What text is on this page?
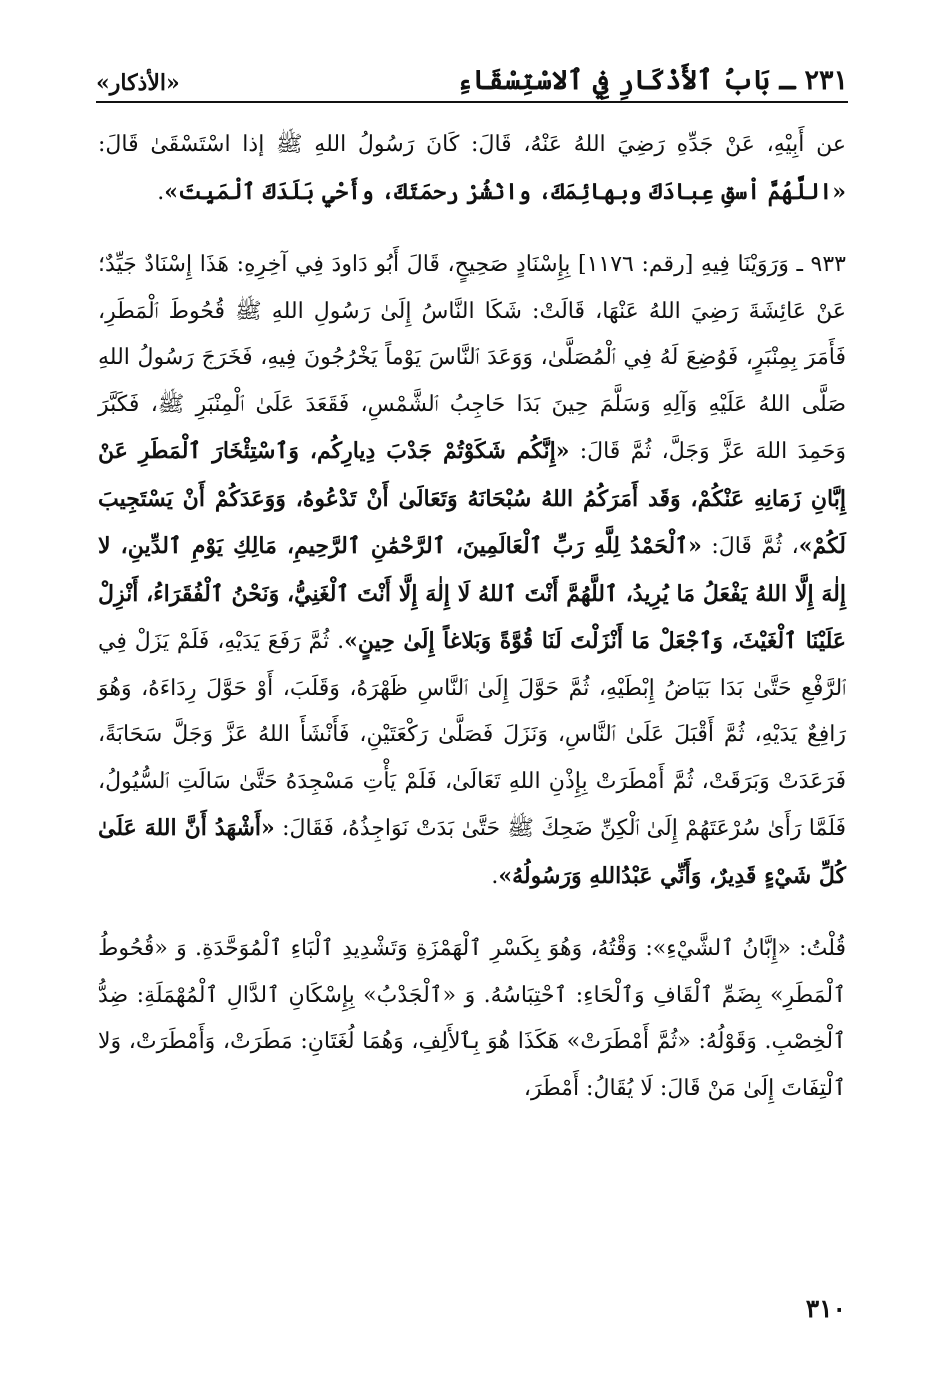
٢٣١ ـ بَابُ ٱلأَذْكَارِ فِي ٱلاسْتِسْقَاءِ
«الأذكار»

عن أَبِيْهِ، عَنْ جَدِّهِ رَضِيَ اللهُ عَنْهُ، قَالَ: كَانَ رَسُولُ اللهِ ﷺ إذا اسْتَسْقَىٰ قَالَ: «اللَّهُمَّ اْسقِ عِبادَكَ وبهائِمَكَ، وانْشُرْ رحمَتَكَ، وأَحْيِ بَلَدَكَ ٱلْمَيِتَ».

٩٣٣ ـ وَرَوَيْنَا فِيهِ [رقم: ١١٧٦] بِإِسْنَادٍ صَحِيحٍ، قَالَ أَبُو دَاودَ فِي آخِرِهِ: هَذَا إِسْنَادٌ جَيِّدٌ؛ عَنْ عَائِشَةَ رَضِيَ اللهُ عَنْهَا، قَالَتْ: شَكَا النَّاسُ إِلَىٰ رَسُولِ اللهِ ﷺ قُحُوطَ ٱلْمَطَرِ، فَأَمَرَ بِمِنْبَرٍ، فَوُضِعَ لَهُ فِي ٱلْمُصَلَّىٰ، وَوَعَدَ ٱلنَّاسَ يَوْماً يَخْرُجُونَ فِيهِ، فَخَرَجَ رَسُولُ اللهِ صَلَّى اللهُ عَلَيْهِ وَآلِهِ وَسَلَّمَ حِينَ بَدَا حَاجِبُ ٱلشَّمْسِ، فَقَعَدَ عَلَىٰ ٱلْمِنْبَرِ ﷺ، فَكَبَّرَ وَحَمِدَ اللهَ عَزَّ وَجَلَّ، ثُمَّ قَالَ: «إِنَّكُم شَكَوْتُمْ جَدْبَ دِيارِكُم، وَٱسْتِئْخَارَ ٱلْمَطَرِ عَنْ إِبَّانِ زَمَانِهِ عَنْكُمْ، وَقَد أَمَرَكُمُ اللهُ سُبْحَانَهُ وَتَعَالَىٰ أَنْ تَدْعُوهُ، وَوَعَدَكُمْ أَنْ يَسْتَجِيبَ لَكُمْ»، ثُمَّ قَالَ: «ٱلْحَمْدُ لِلَّهِ رَبِّ ٱلْعَالَمِينَ، ٱلرَّحْمَٰنِ ٱلرَّحِيمِ، مَالِكِ يَوْمِ ٱلدِّينِ، لا إِلٰهَ إِلَّا اللهُ يَفْعَلُ مَا يُرِيدُ، ٱللَّهُمَّ أَنْتَ ٱللهُ لَا إِلٰهَ إِلَّا أَنْتَ ٱلْغَنِيُّ، وَنَحْنُ ٱلْفُقَرَاءُ، أَنْزِلْ عَلَيْنَا ٱلْغَيْثَ، وَٱجْعَلْ مَا أَنْزَلْتَ لَنَا قُوَّةً وَبَلاغاً إِلَىٰ حِينٍ». ثُمَّ رَفَعَ يَدَيْهِ، فَلَمْ يَزَلْ فِي ٱلرَّفْعِ حَتَّىٰ بَدَا بَيَاضُ إِبْطَيْهِ، ثُمَّ حَوَّلَ إِلَىٰ ٱلنَّاسِ ظَهْرَهُ، وَقَلَبَ، أَوْ حَوَّلَ رِدَاءَهُ، وَهُوَ رَافِعٌ يَدَيْهِ، ثُمَّ أَقْبَلَ عَلَىٰ ٱلنَّاسِ، وَنَزَلَ فَصَلَّىٰ رَكْعَتَيْنِ، فَأَنْشَأَ اللهُ عَزَّ وَجَلَّ سَحَابَةً، فَرَعَدَتْ وَبَرَقَتْ، ثُمَّ أَمْطَرَتْ بِإِذْنِ اللهِ تَعَالَىٰ، فَلَمْ يَأْتِ مَسْجِدَهُ حَتَّىٰ سَالَتِ ٱلسُّيُولُ، فَلَمَّا رَأَىٰ سُرْعَتَهُمْ إِلَىٰ ٱلْكِنِّ ضَحِكَ ﷺ حَتَّىٰ بَدَتْ نَوَاجِذُهُ، فَقَالَ: «أَشْهَدُ أَنَّ اللهَ عَلَىٰ كُلِّ شَيْءٍ قَدِيرٌ، وَأَنِّي عَبْدُاللهِ وَرَسُولُهُ».

قُلْتُ: «إِبَّانُ ٱلشَّيْءِ»: وَقْتُهُ، وَهُوَ بِكَسْرِ ٱلْهَمْزَةِ وَتَشْدِيدِ ٱلْبَاءِ ٱلْمُوَحَّدَةِ. وَ «قُحُوطُ ٱلْمَطَرِ» بِضَمِّ ٱلْقَافِ وَٱلْحَاءِ: ٱحْتِبَاسُهُ. وَ «ٱلْجَدْبُ» بِإِسْكَانِ ٱلدَّالِ ٱلْمُهْمَلَةِ: ضِدُّ ٱلْخِصْبِ. وَقَوْلُهُ: «ثُمَّ أَمْطَرَتْ» هَكَذَا هُوَ بِٱلأَلِفِ، وَهُمَا لُغَتَانِ: مَطَرَتْ، وَأَمْطَرَتْ، وَلا ٱلْتِفَاتَ إِلَىٰ مَنْ قَالَ: لَا يُقَالُ: أَمْطَرَ،

٣١٠
